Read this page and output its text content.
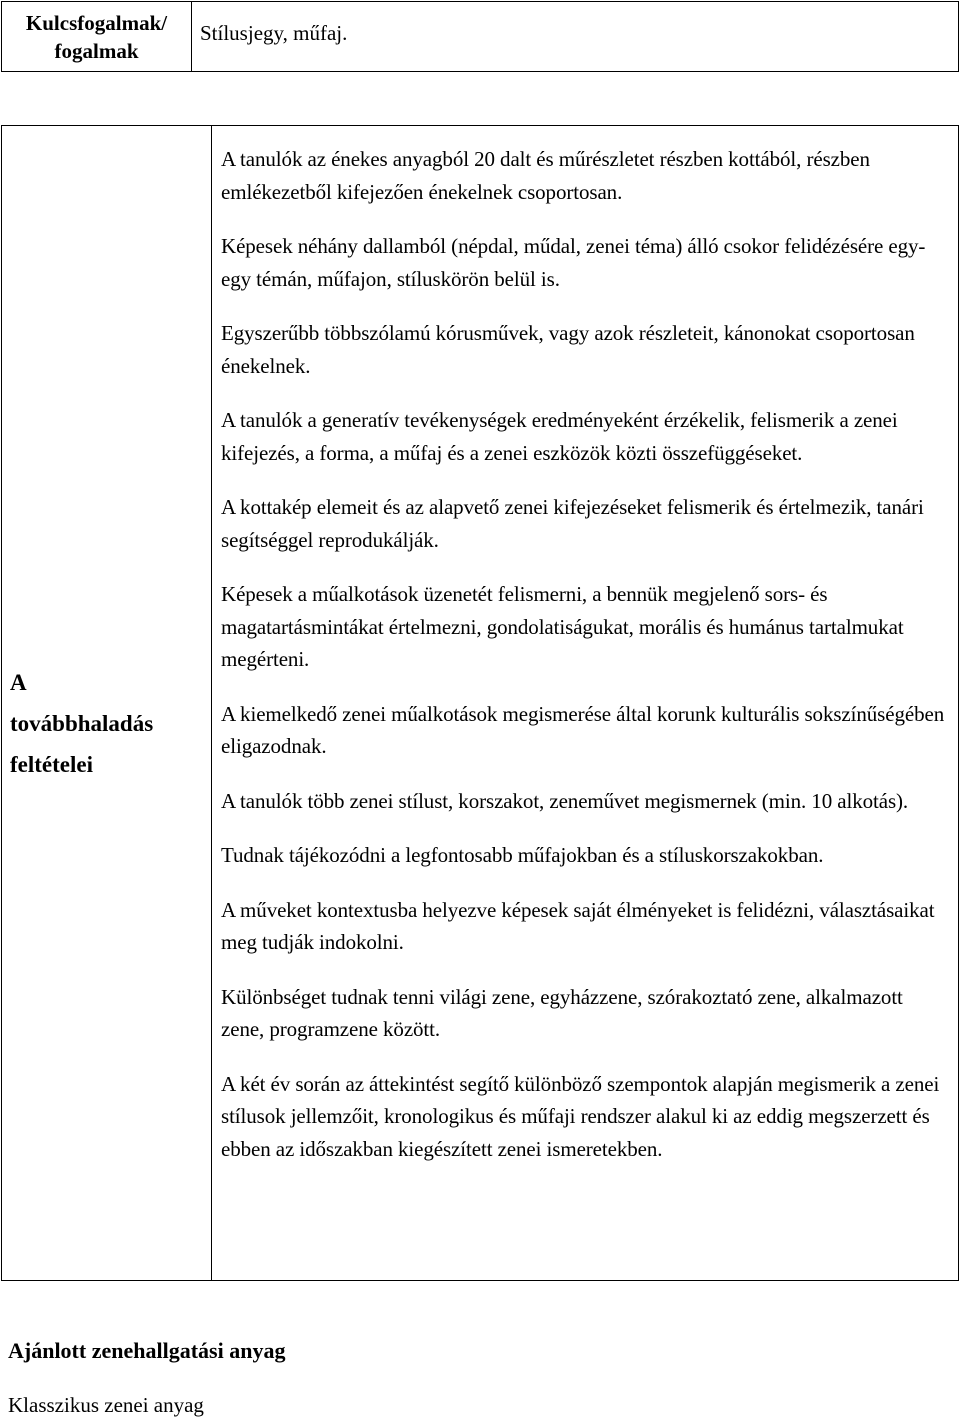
Kulcsfogalmak/
fogalmak
Stílusjegy, műfaj.
A
továbbhaladás
feltételei

A tanulók az énekes anyagból 20 dalt és műrészletet részben kottából, részben emlékezetből kifejezően énekelnek csoportosan.

Képesek néhány dallamból (népdal, műdal, zenei téma) álló csokor felidézésére egy-egy témán, műfajon, stíluskörön belül is.

Egyszerűbb többszólamú kórusművek, vagy azok részleteit, kánonokat csoportosan énekelnek.

A tanulók a generatív tevékenységek eredményeként érzékelik, felismerik a zenei kifejezés, a forma, a műfaj és a zenei eszközök közti összefüggéseket.

A kottakép elemeit és az alapvető zenei kifejezéseket felismerik és értelmezik, tanári segítséggel reprodukálják.

Képesek a műalkotások üzenetét felismerni, a bennük megjelenő sors- és magatartásmintákat értelmezni, gondolatiságukat, morális és humánus tartalmukat megérteni.

A kiemelkedő zenei műalkotások megismerése által korunk kulturális sokszínűségében eligazodnak.

A tanulók több zenei stílust, korszakot, zeneművet megismernek (min. 10 alkotás).

Tudnak tájékozódni a legfontosabb műfajokban és a stíluskorszakokban.

A műveket kontextusba helyezve képesek saját élményeket is felidézni, választásaikat meg tudják indokolni.

Különbséget tudnak tenni világi zene, egyházzene, szórakoztató zene, alkalmazott zene, programzene között.

A két év során az áttekintést segítő különböző szempontok alapján megismerik a zenei stílusok jellemzőit, kronologikus és műfaji rendszer alakul ki az eddig megszerzett és ebben az időszakban kiegészített zenei ismeretekben.

Ajánlott zenehallgatási anyag
Klasszikus zenei anyag
